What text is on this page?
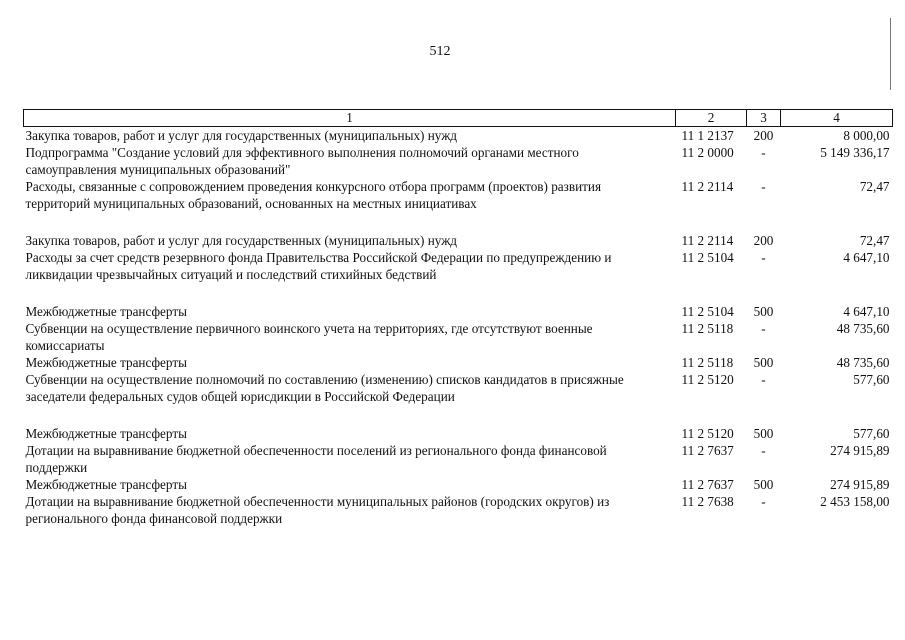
512
1	2	3	4
Закупка товаров, работ и услуг для государственных (муниципальных) нужд	11 1 2137	200	8 000,00
Подпрограмма "Создание условий для эффективного выполнения полномочий органами местного самоуправления муниципальных образований"	11 2 0000	-	5 149 336,17
Расходы, связанные с сопровождением проведения конкурсного отбора программ (проектов) развития территорий муниципальных образований, основанных на местных инициативах	11 2 2114	-	72,47
Закупка товаров, работ и услуг для государственных (муниципальных) нужд	11 2 2114	200	72,47
Расходы за счет средств резервного фонда Правительства Российской Федерации по предупреждению и ликвидации чрезвычайных ситуаций и последствий стихийных бедствий	11 2 5104	-	4 647,10
Межбюджетные трансферты	11 2 5104	500	4 647,10
Субвенции на осуществление первичного воинского учета на территориях, где отсутствуют военные комиссариаты	11 2 5118	-	48 735,60
Межбюджетные трансферты	11 2 5118	500	48 735,60
Субвенции на осуществление полномочий по составлению (изменению) списков кандидатов в присяжные заседатели федеральных судов общей юрисдикции в Российской Федерации	11 2 5120	-	577,60
Межбюджетные трансферты	11 2 5120	500	577,60
Дотации на выравнивание бюджетной обеспеченности поселений из регионального фонда финансовой поддержки	11 2 7637	-	274 915,89
Межбюджетные трансферты	11 2 7637	500	274 915,89
Дотации на выравнивание бюджетной обеспеченности муниципальных районов (городских округов) из регионального фонда финансовой поддержки	11 2 7638	-	2 453 158,00
